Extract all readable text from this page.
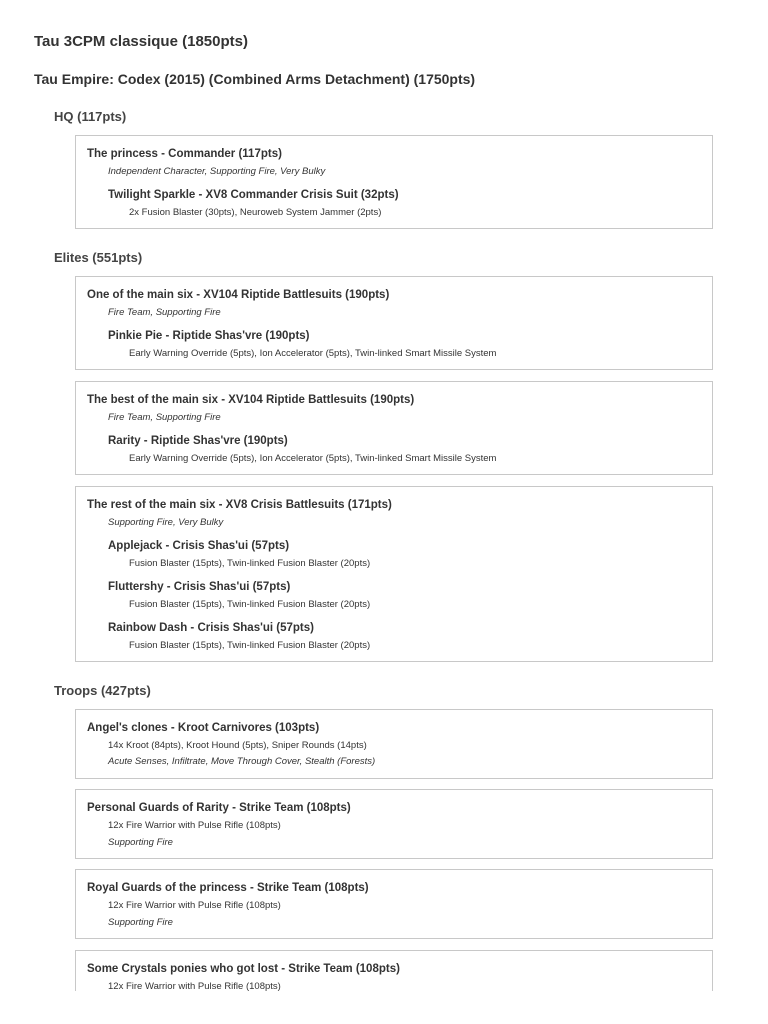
Tau 3CPM classique (1850pts)
Tau Empire: Codex (2015) (Combined Arms Detachment) (1750pts)
HQ (117pts)
The princess - Commander (117pts)
Independent Character, Supporting Fire, Very Bulky
Twilight Sparkle - XV8 Commander Crisis Suit (32pts)
2x Fusion Blaster (30pts), Neuroweb System Jammer (2pts)
Elites (551pts)
One of the main six - XV104 Riptide Battlesuits (190pts)
Fire Team, Supporting Fire
Pinkie Pie - Riptide Shas'vre (190pts)
Early Warning Override (5pts), Ion Accelerator (5pts), Twin-linked Smart Missile System
The best of the main six - XV104 Riptide Battlesuits (190pts)
Fire Team, Supporting Fire
Rarity - Riptide Shas'vre (190pts)
Early Warning Override (5pts), Ion Accelerator (5pts), Twin-linked Smart Missile System
The rest of the main six - XV8 Crisis Battlesuits (171pts)
Supporting Fire, Very Bulky
Applejack - Crisis Shas'ui (57pts)
Fusion Blaster (15pts), Twin-linked Fusion Blaster (20pts)
Fluttershy - Crisis Shas'ui (57pts)
Fusion Blaster (15pts), Twin-linked Fusion Blaster (20pts)
Rainbow Dash - Crisis Shas'ui (57pts)
Fusion Blaster (15pts), Twin-linked Fusion Blaster (20pts)
Troops (427pts)
Angel's clones - Kroot Carnivores (103pts)
14x Kroot (84pts), Kroot Hound (5pts), Sniper Rounds (14pts)
Acute Senses, Infiltrate, Move Through Cover, Stealth (Forests)
Personal Guards of Rarity - Strike Team (108pts)
12x Fire Warrior with Pulse Rifle (108pts)
Supporting Fire
Royal Guards of the princess - Strike Team (108pts)
12x Fire Warrior with Pulse Rifle (108pts)
Supporting Fire
Some Crystals ponies who got lost - Strike Team (108pts)
12x Fire Warrior with Pulse Rifle (108pts)
